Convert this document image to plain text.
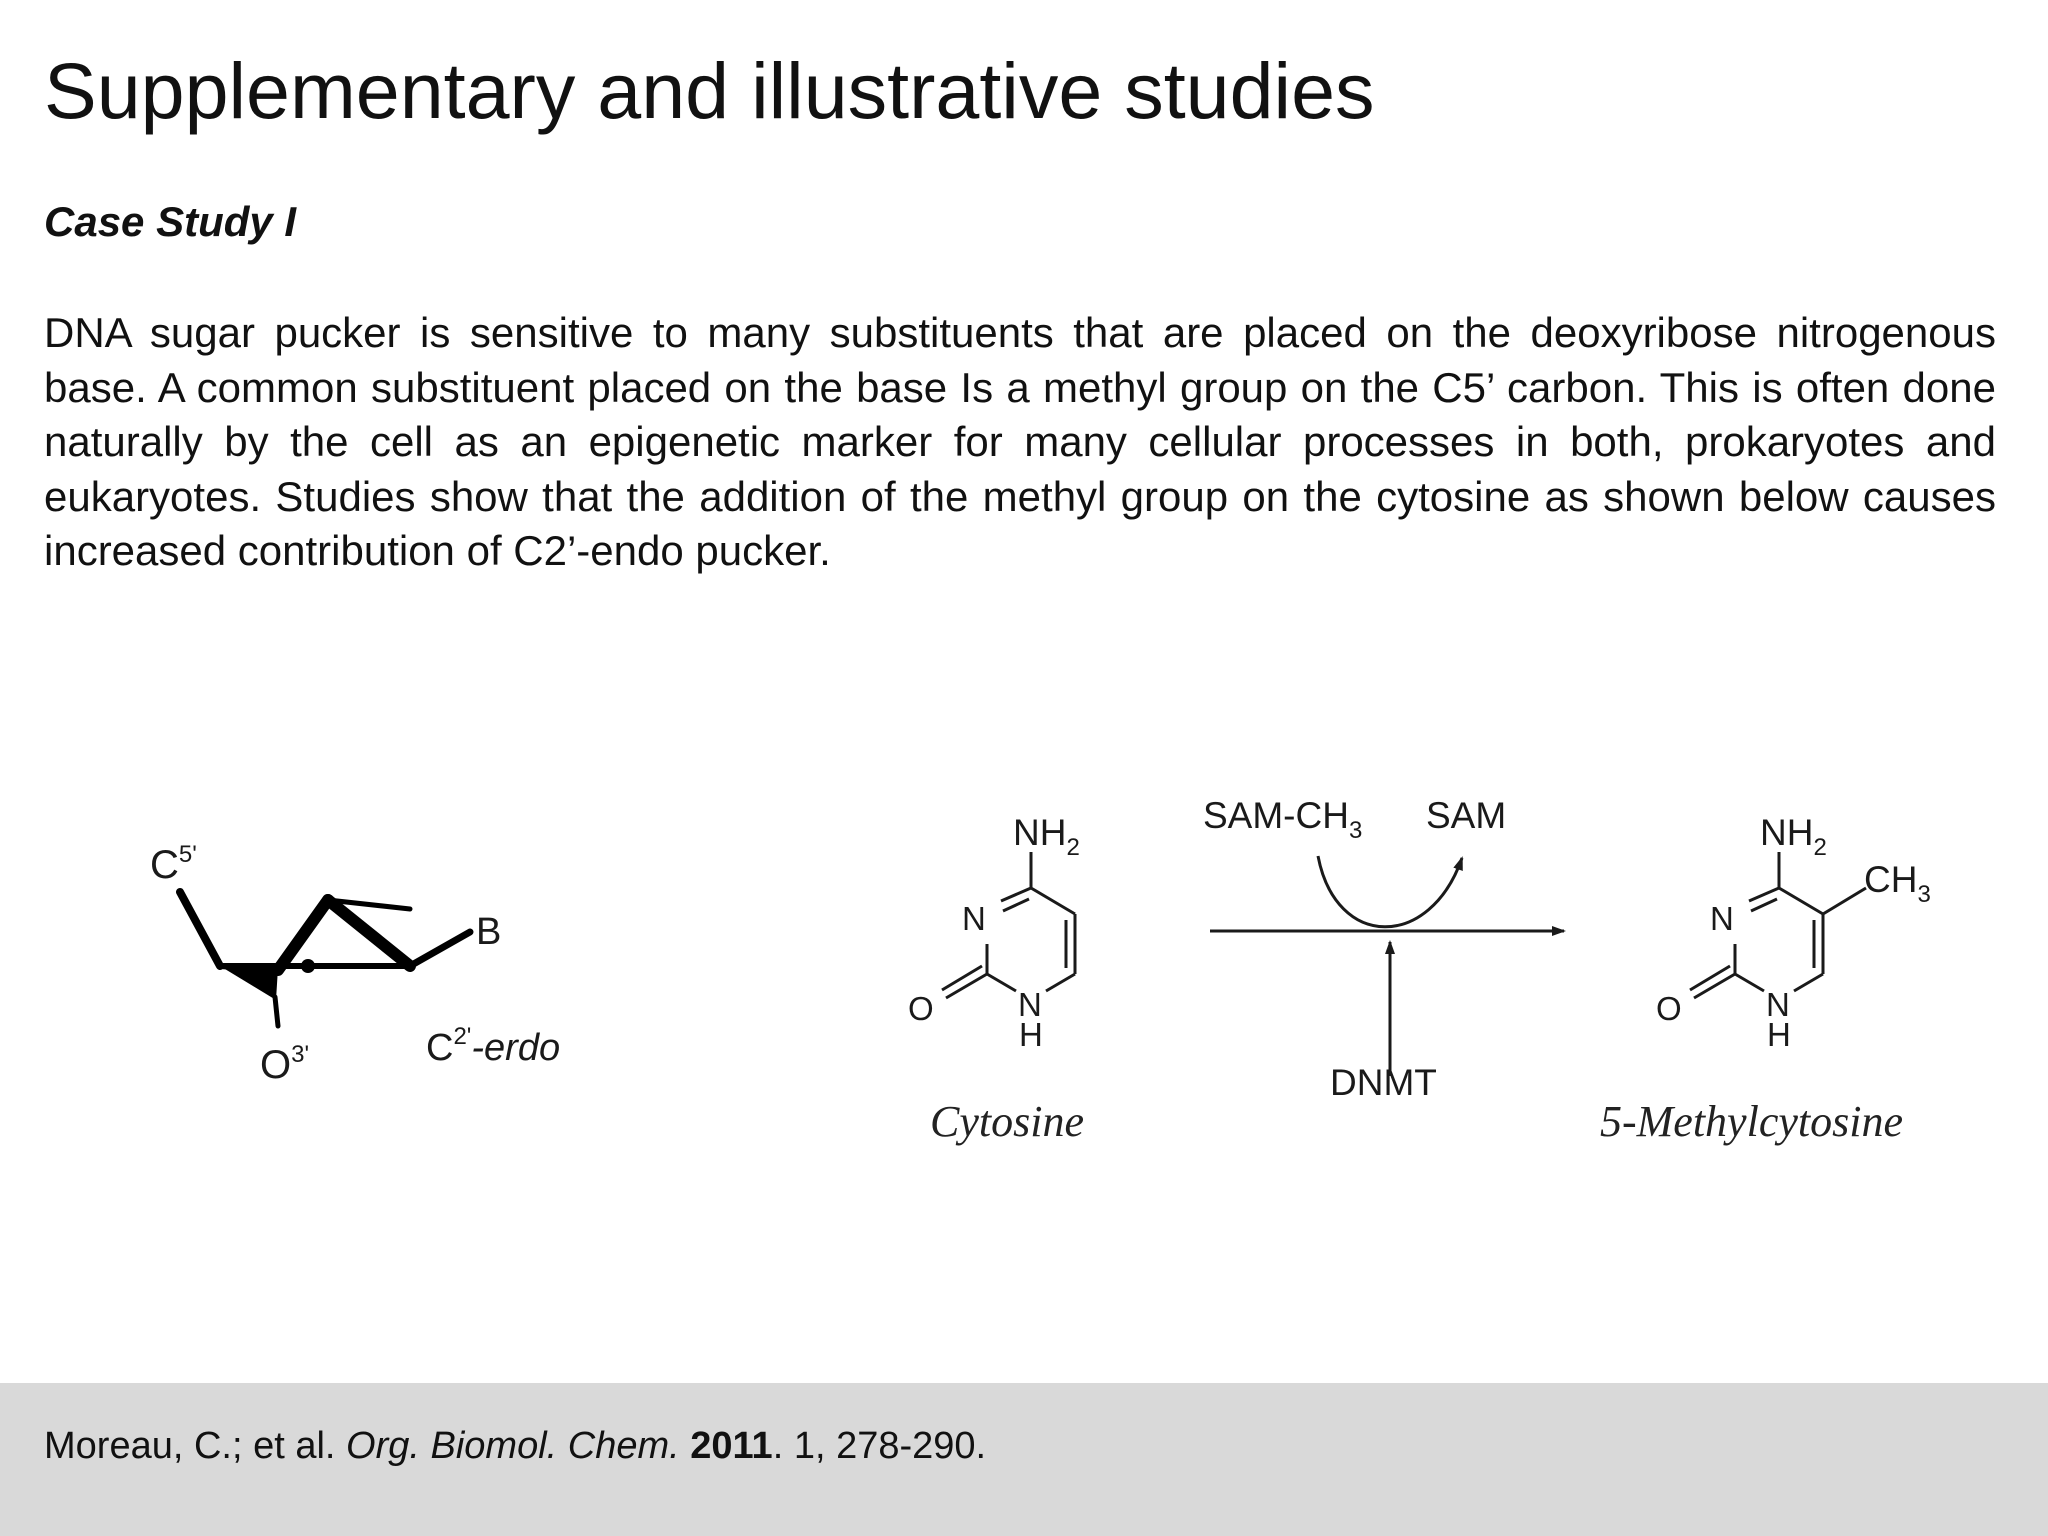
Supplementary and illustrative studies
Case Study I

DNA sugar pucker is sensitive to many substituents that are placed on the deoxyribose nitrogenous base. A common substituent placed on the base Is a methyl group on the C5’ carbon. This is often done naturally by the cell as an epigenetic marker for many cellular processes in both, prokaryotes and eukaryotes. Studies show that the addition of the methyl group on the cytosine as shown below causes increased contribution of C2’-endo pucker.

$C^{5'}$
B
$O^{3'}$	$C^{2'}$-erdo
$NH_2$
N
O	N
H
Cytosine
SAM-$CH_3$ SAM
DNMT
$NH_2$
$CH_3$
N
O	N
H
5-Methylcytosine

Moreau, C.; et al. Org. Biomol. Chem. 2011. 1, 278-290.
